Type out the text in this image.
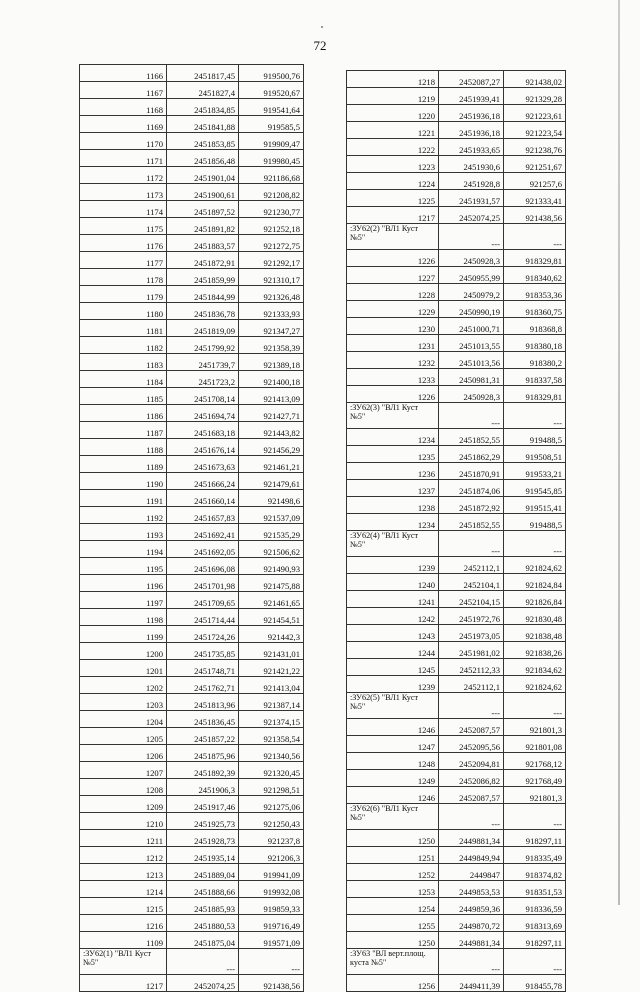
72
1166	2451817,45	919500,76
1167	2451827,4	919520,67
1168	2451834,85	919541,64
1169	2451841,88	919585,5
1170	2451853,85	919909,47
1171	2451856,48	919980,45
1172	2451901,04	921186,68
1173	2451900,61	921208,82
1174	2451897,52	921230,77
1175	2451891,82	921252,18
1176	2451883,57	921272,75
1177	2451872,91	921292,17
1178	2451859,99	921310,17
1179	2451844,99	921326,48
1180	2451836,78	921333,93
1181	2451819,09	921347,27
1182	2451799,92	921358,39
1183	2451739,7	921389,18
1184	2451723,2	921400,18
1185	2451708,14	921413,09
1186	2451694,74	921427,71
1187	2451683,18	921443,82
1188	2451676,14	921456,29
1189	2451673,63	921461,21
1190	2451666,24	921479,61
1191	2451660,14	921498,6
1192	2451657,83	921537,09
1193	2451692,41	921535,29
1194	2451692,05	921506,62
1195	2451696,08	921490,93
1196	2451701,98	921475,88
1197	2451709,65	921461,65
1198	2451714,44	921454,51
1199	2451724,26	921442,3
1200	2451735,85	921431,01
1201	2451748,71	921421,22
1202	2451762,71	921413,04
1203	2451813,96	921387,14
1204	2451836,45	921374,15
1205	2451857,22	921358,54
1206	2451875,96	921340,56
1207	2451892,39	921320,45
1208	2451906,3	921298,51
1209	2451917,46	921275,06
1210	2451925,73	921250,43
1211	2451928,73	921237,8
1212	2451935,14	921206,3
1213	2451889,04	919941,09
1214	2451888,66	919932,08
1215	2451885,93	919859,33
1216	2451880,53	919716,49
1109	2451875,04	919571,09
:ЗУ62(1) "ВЛ1 Куст №5"	---	---
1217	2452074,25	921438,56
1218	2452087,27	921438,02
1219	2451939,41	921329,28
1220	2451936,18	921223,61
1221	2451936,18	921223,54
1222	2451933,65	921238,76
1223	2451930,6	921251,67
1224	2451928,8	921257,6
1225	2451931,57	921333,41
1217	2452074,25	921438,56
:ЗУ62(2) "ВЛ1 Куст №5"	---	---
1226	2450928,3	918329,81
1227	2450955,99	918340,62
1228	2450979,2	918353,36
1229	2450990,19	918360,75
1230	2451000,71	918368,8
1231	2451013,55	918380,18
1232	2451013,56	918380,2
1233	2450981,31	918337,58
1226	2450928,3	918329,81
:ЗУ62(3) "ВЛ1 Куст №5"	---	---
1234	2451852,55	919488,5
1235	2451862,29	919508,51
1236	2451870,91	919533,21
1237	2451874,06	919545,85
1238	2451872,92	919515,41
1234	2451852,55	919488,5
:ЗУ62(4) "ВЛ1 Куст №5"	---	---
1239	2452112,1	921824,62
1240	2452104,1	921824,84
1241	2452104,15	921826,84
1242	2451972,76	921830,48
1243	2451973,05	921838,48
1244	2451981,02	921838,26
1245	2452112,33	921834,62
1239	2452112,1	921824,62
:ЗУ62(5) "ВЛ1 Куст №5"	---	---
1246	2452087,57	921801,3
1247	2452095,56	921801,08
1248	2452094,81	921768,12
1249	2452086,82	921768,49
1246	2452087,57	921801,3
:ЗУ62(6) "ВЛ1 Куст №5"	---	---
1250	2449881,34	918297,11
1251	2449849,94	918335,49
1252	2449847	918374,82
1253	2449853,53	918351,53
1254	2449859,36	918336,59
1255	2449870,72	918313,69
1250	2449881,34	918297,11
:ЗУ63 "ВЛ верт.площ. куста №5"	---	---
1256	2449411,39	918455,78
